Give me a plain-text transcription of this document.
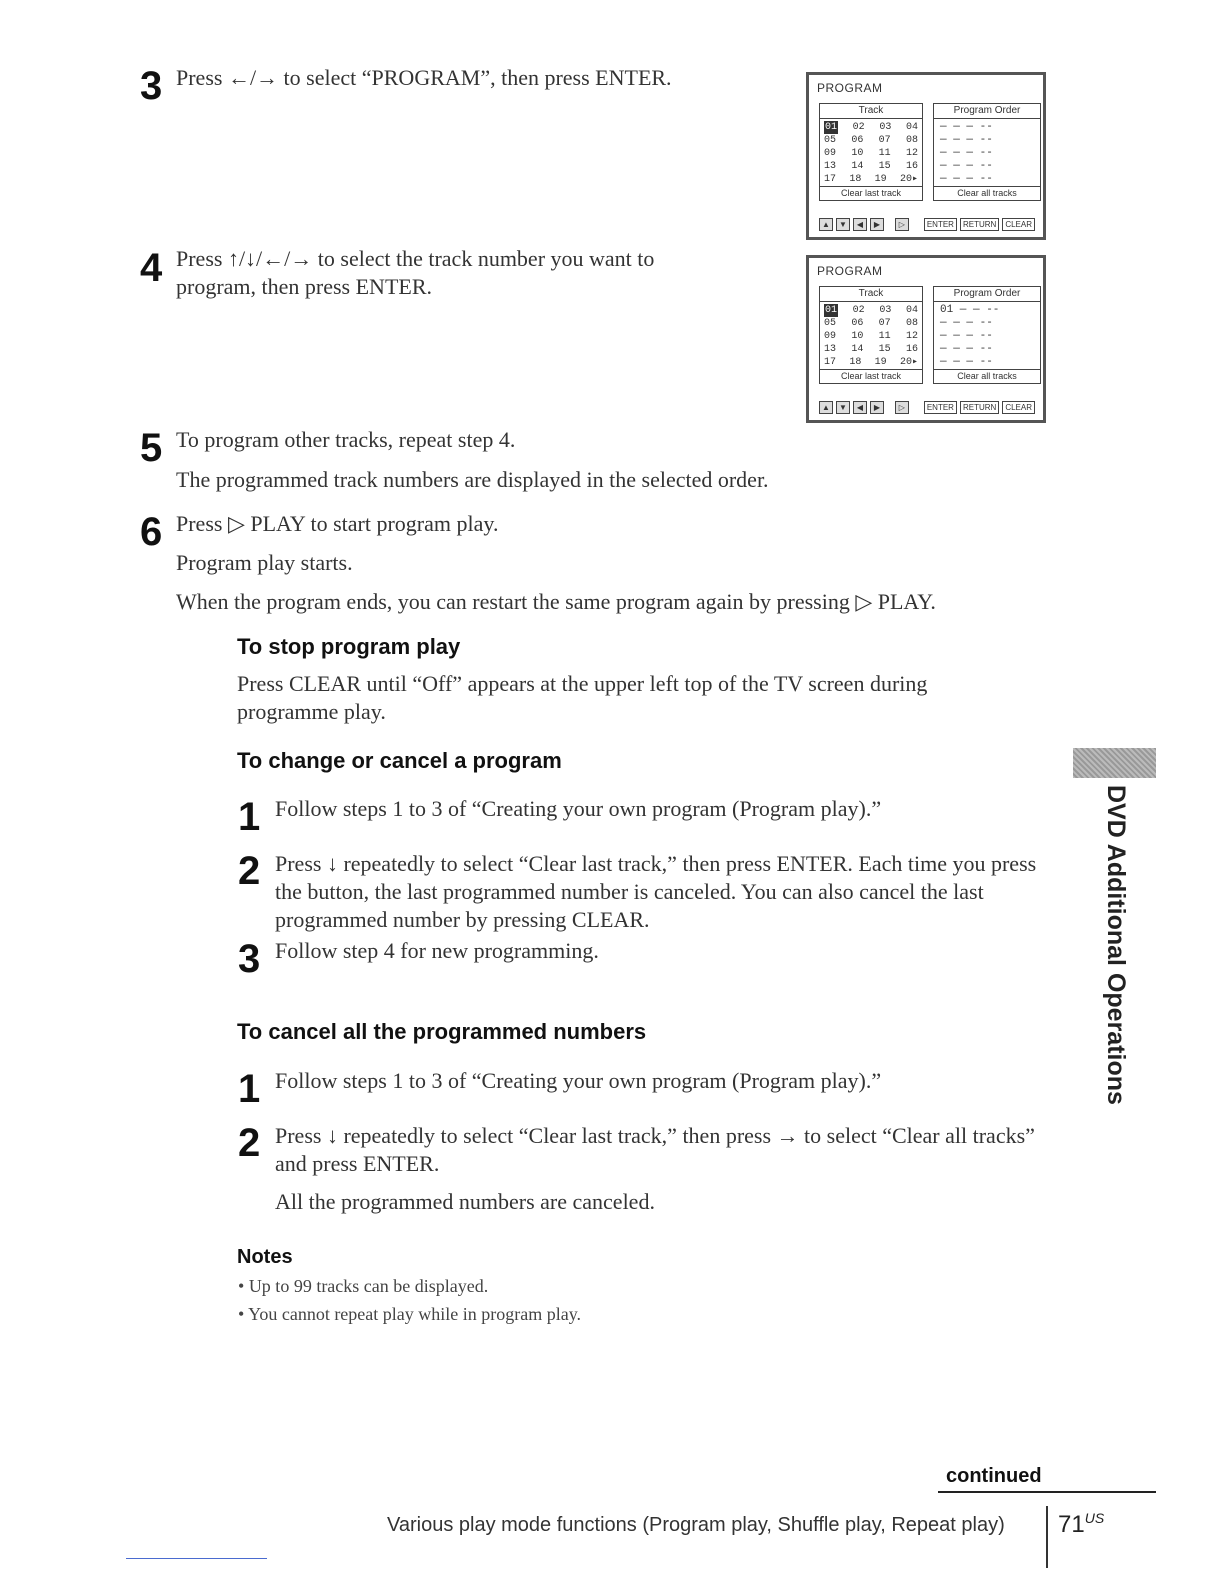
3 Press ←/→ to select “PROGRAM”, then press ENTER.	PROGRAM
Track
01 02 03 04
05 06 07 08
09 10 11 12
13 14 15 16
17 18 19 20▸
Clear last track
Program Order
— — — --
— — — --
— — — --
— — — --
— — — --
Clear all tracks
▲	▼	◀	▶	▷	ENTER	RETURN	CLEAR
4 Press ↑/↓/←/→ to select the track number you want to program, then press ENTER.
PROGRAM
Track
01 02 03 04
05 06 07 08
09 10 11 12
13 14 15 16
17 18 19 20▸
Clear last track
Program Order
01 — — --
— — — --
— — — --
— — — --
— — — --
Clear all tracks
▲	▼	◀	▶	▷	ENTER	RETURN	CLEAR
5 To program other tracks, repeat step 4.
The programmed track numbers are displayed in the selected order.
6 Press ▷ PLAY to start program play.
Program play starts.
When the program ends, you can restart the same program again by pressing ▷ PLAY.
To stop program play
Press CLEAR until “Off” appears at the upper left top of the TV screen during programme play.
To change or cancel a program
1 Follow steps 1 to 3 of “Creating your own program (Program play).”
2 Press ↓ repeatedly to select “Clear last track,” then press ENTER. Each time you press the button, the last programmed number is canceled. You can also cancel the last programmed number by pressing CLEAR.
3 Follow step 4 for new programming.
To cancel all the programmed numbers
1 Follow steps 1 to 3 of “Creating your own program (Program play).”
2 Press ↓ repeatedly to select “Clear last track,” then press → to select “Clear all tracks” and press ENTER.
All the programmed numbers are canceled.
Notes
• Up to 99 tracks can be displayed.
• You cannot repeat play while in program play.
DVD Additional Operations
continued
Various play mode functions (Program play, Shuffle play, Repeat play) $71^{US}$
